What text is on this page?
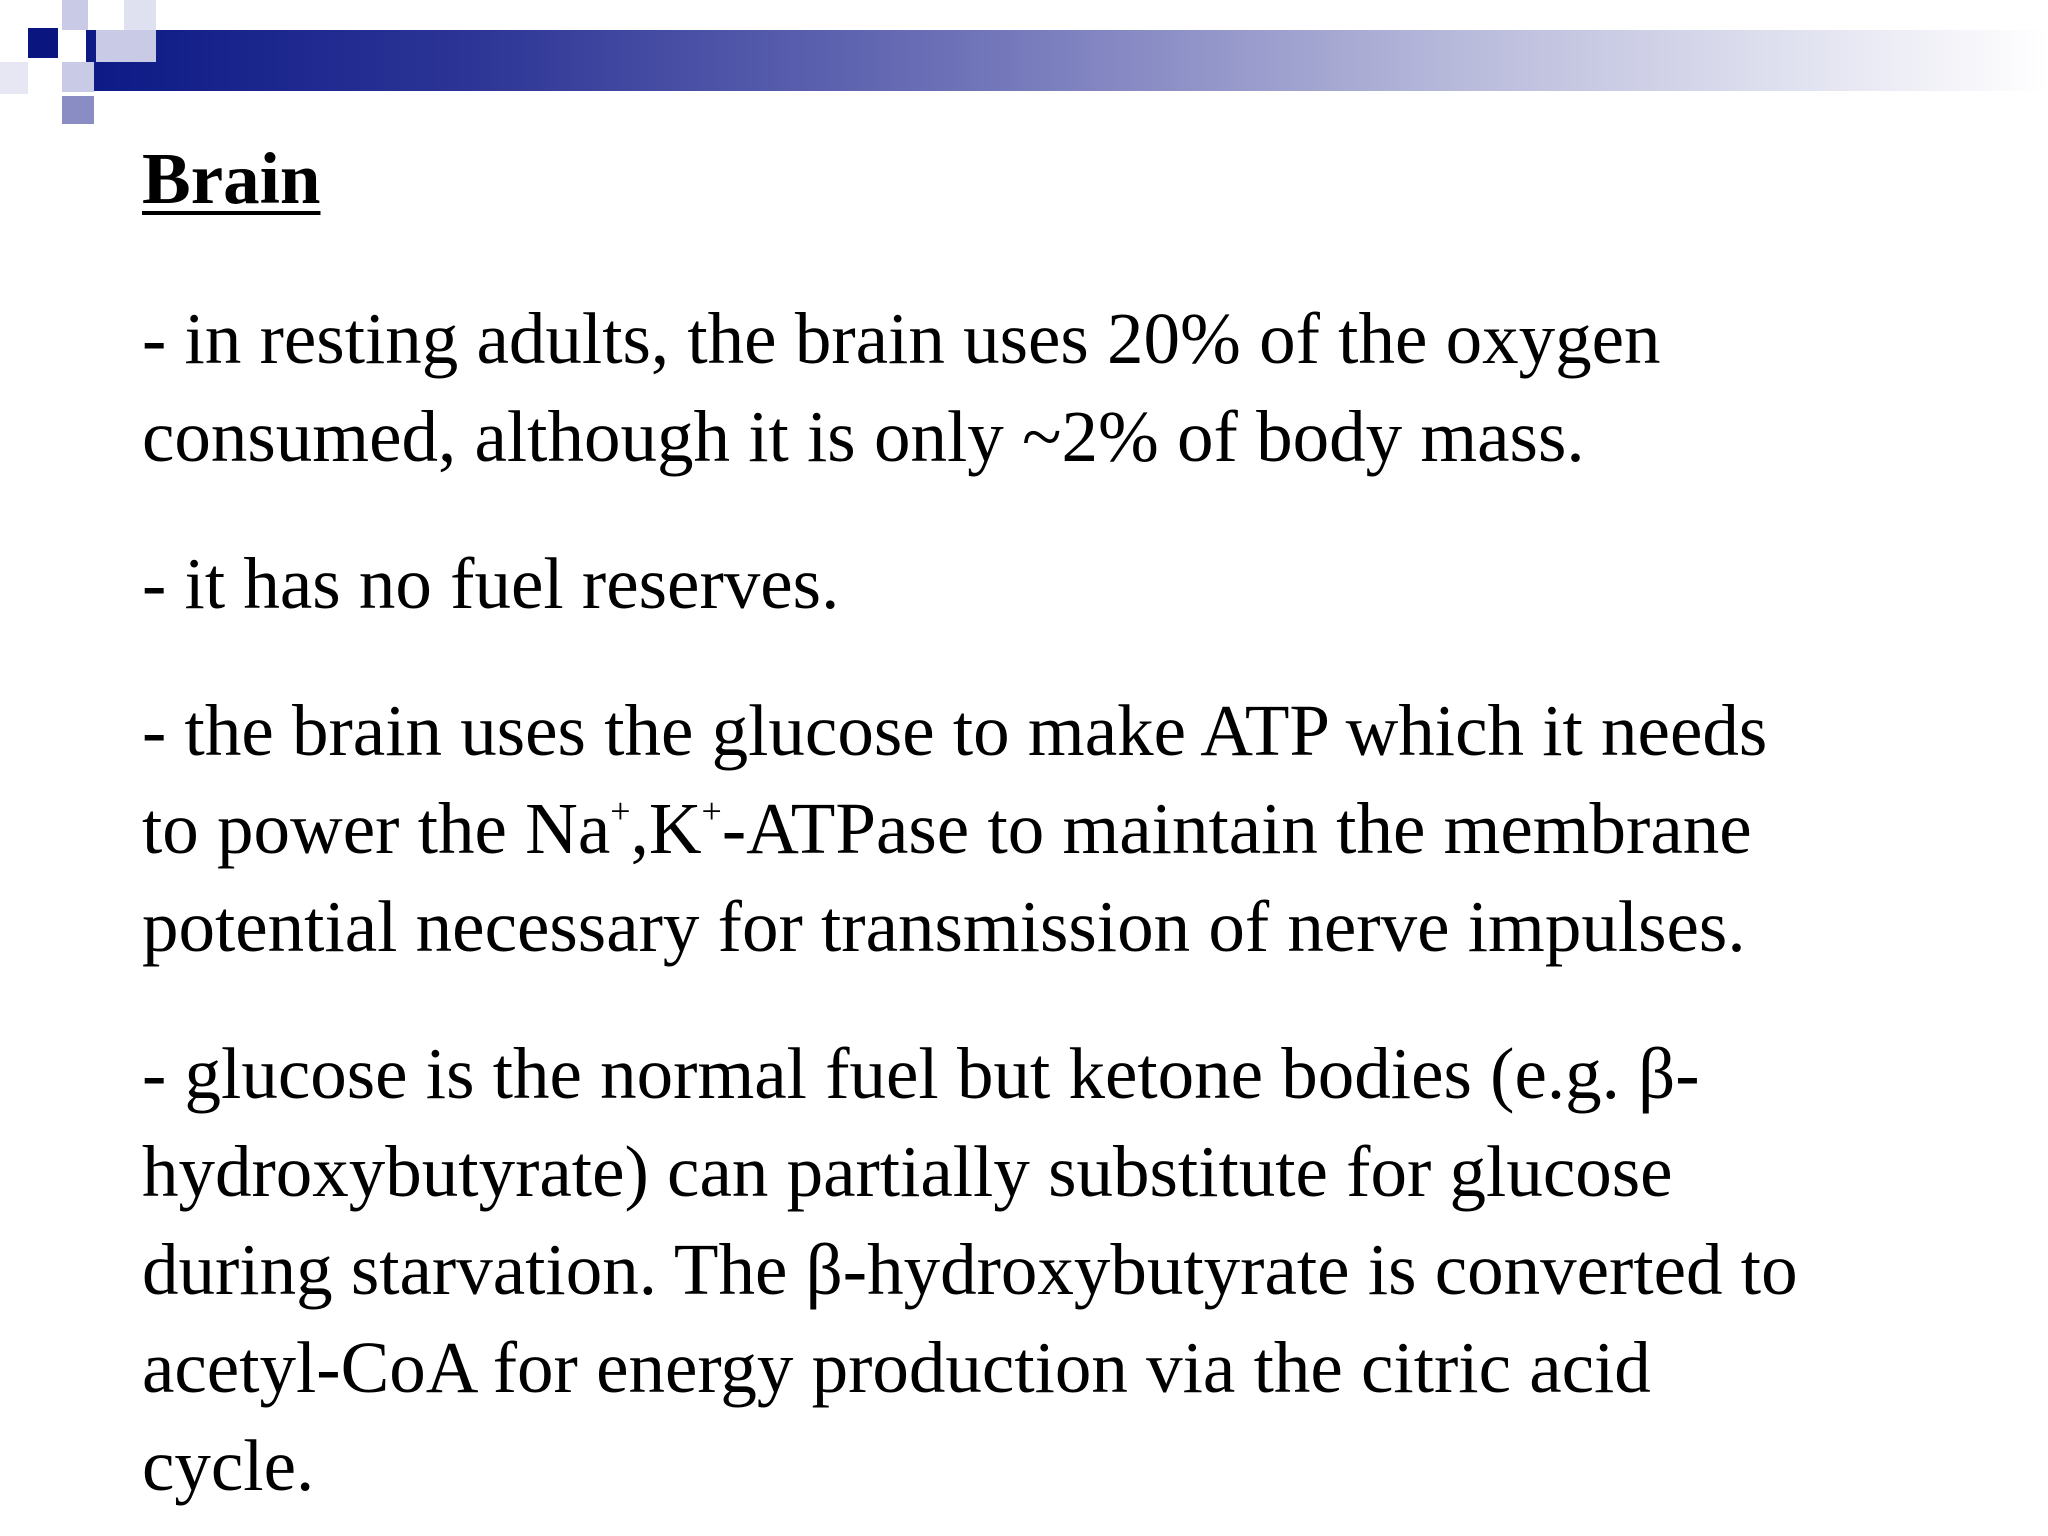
Brain

- in resting adults, the brain uses 20% of the oxygen
consumed, although it is only ~2% of body mass.

- it has no fuel reserves.

- the brain uses the glucose to make ATP which it needs
to power the Na+,K+-ATPase to maintain the membrane
potential necessary for transmission of nerve impulses.

- glucose is the normal fuel but ketone bodies (e.g. β-
hydroxybutyrate) can partially substitute for glucose
during starvation. The β-hydroxybutyrate is converted to
acetyl-CoA for energy production via the citric acid
cycle.
